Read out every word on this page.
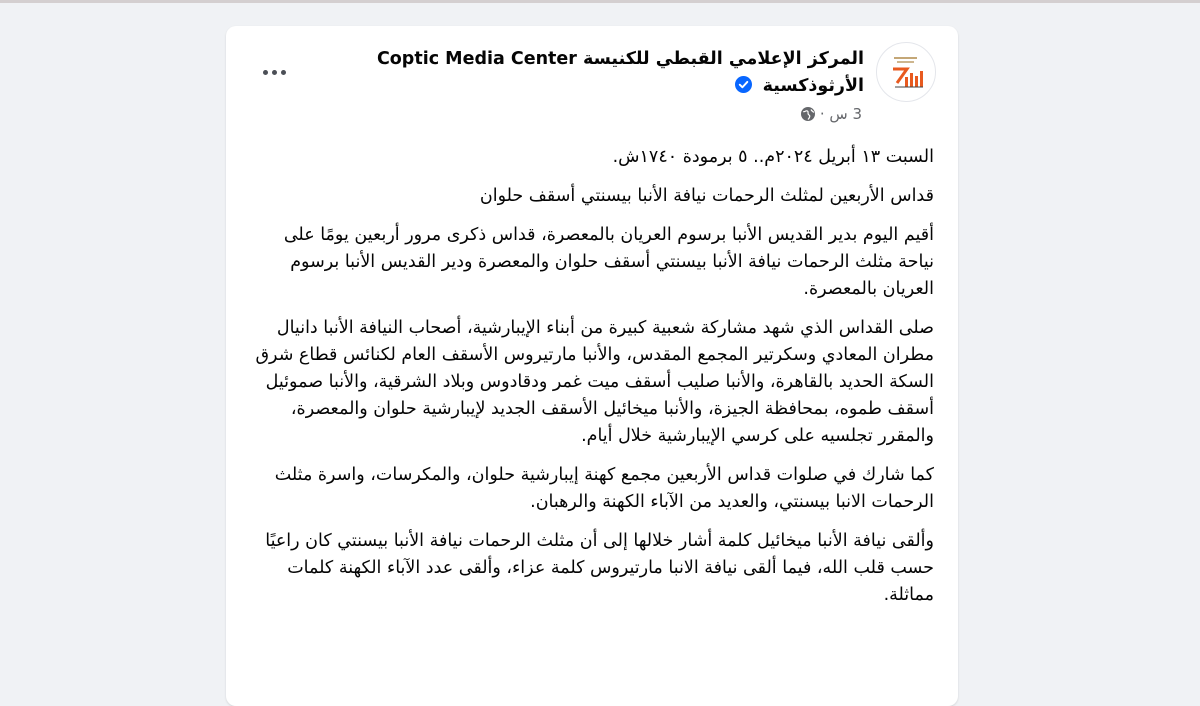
المركز الإعلامي القبطي للكنيسة Coptic Media Center الأرثوذكسية
3 س ·

السبت ١٣ أبريل ٢٠٢٤م.. ٥ برمودة ١٧٤٠ش.

قداس الأربعين لمثلث الرحمات نيافة الأنبا بيسنتي أسقف حلوان

أقيم اليوم بدير القديس الأنبا برسوم العريان بالمعصرة، قداس ذكرى مرور أربعين يومًا على نياحة مثلث الرحمات نيافة الأنبا بيسنتي أسقف حلوان والمعصرة ودير القديس الأنبا برسوم العريان بالمعصرة.

صلى القداس الذي شهد مشاركة شعبية كبيرة من أبناء الإيبارشية، أصحاب النيافة الأنبا دانيال مطران المعادي وسكرتير المجمع المقدس، والأنبا مارتيروس الأسقف العام لكنائس قطاع شرق السكة الحديد بالقاهرة، والأنبا صليب أسقف ميت غمر ودقادوس وبلاد الشرقية، والأنبا صموئيل أسقف طموه، بمحافظة الجيزة، والأنبا ميخائيل الأسقف الجديد لإيبارشية حلوان والمعصرة، والمقرر تجلسيه على كرسي الإيبارشية خلال أيام.

كما شارك في صلوات قداس الأربعين مجمع كهنة إيبارشية حلوان، والمكرسات، واسرة مثلث الرحمات الانبا بيسنتي، والعديد من الآباء الكهنة والرهبان.

وألقى نيافة الأنبا ميخائيل كلمة أشار خلالها إلى أن مثلث الرحمات نيافة الأنبا بيسنتي كان راعيًا حسب قلب الله، فيما ألقى نيافة الانبا مارتيروس كلمة عزاء، وألقى عدد الآباء الكهنة كلمات مماثلة.
